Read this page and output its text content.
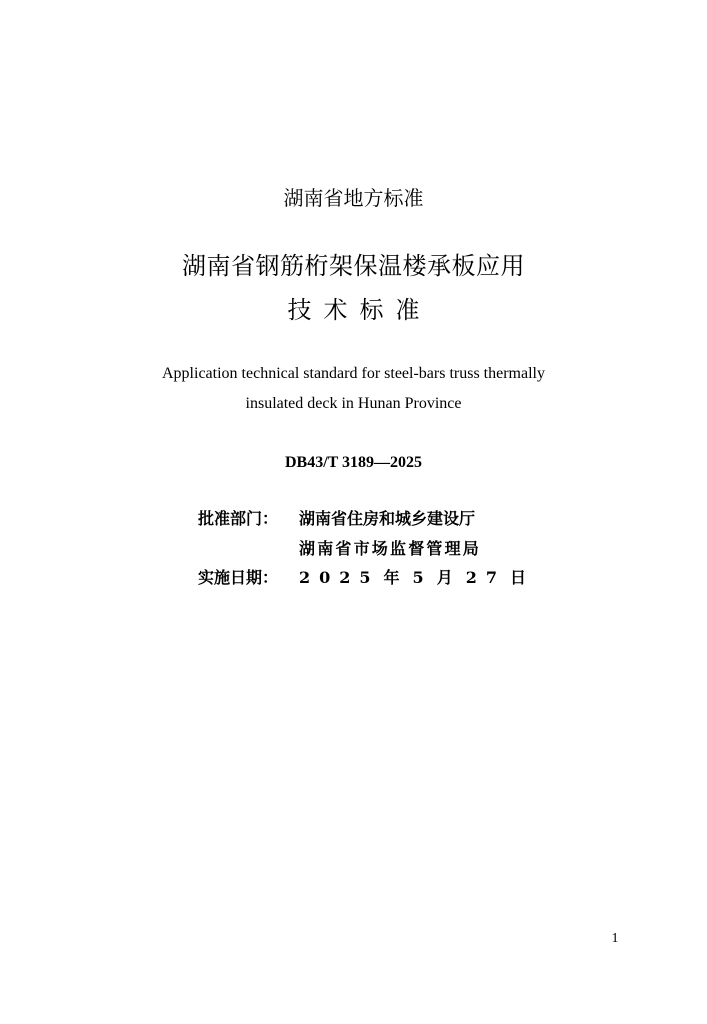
湖南省地方标准
湖南省钢筋桁架保温楼承板应用
技术标准
Application technical standard for steel-bars truss thermally
insulated deck in Hunan Province
DB43/T 3189—2025
批准部门： 湖南省住房和城乡建设厅
湖南省市场监督管理局
实施日期： 2025 年 5 月 27 日
1
